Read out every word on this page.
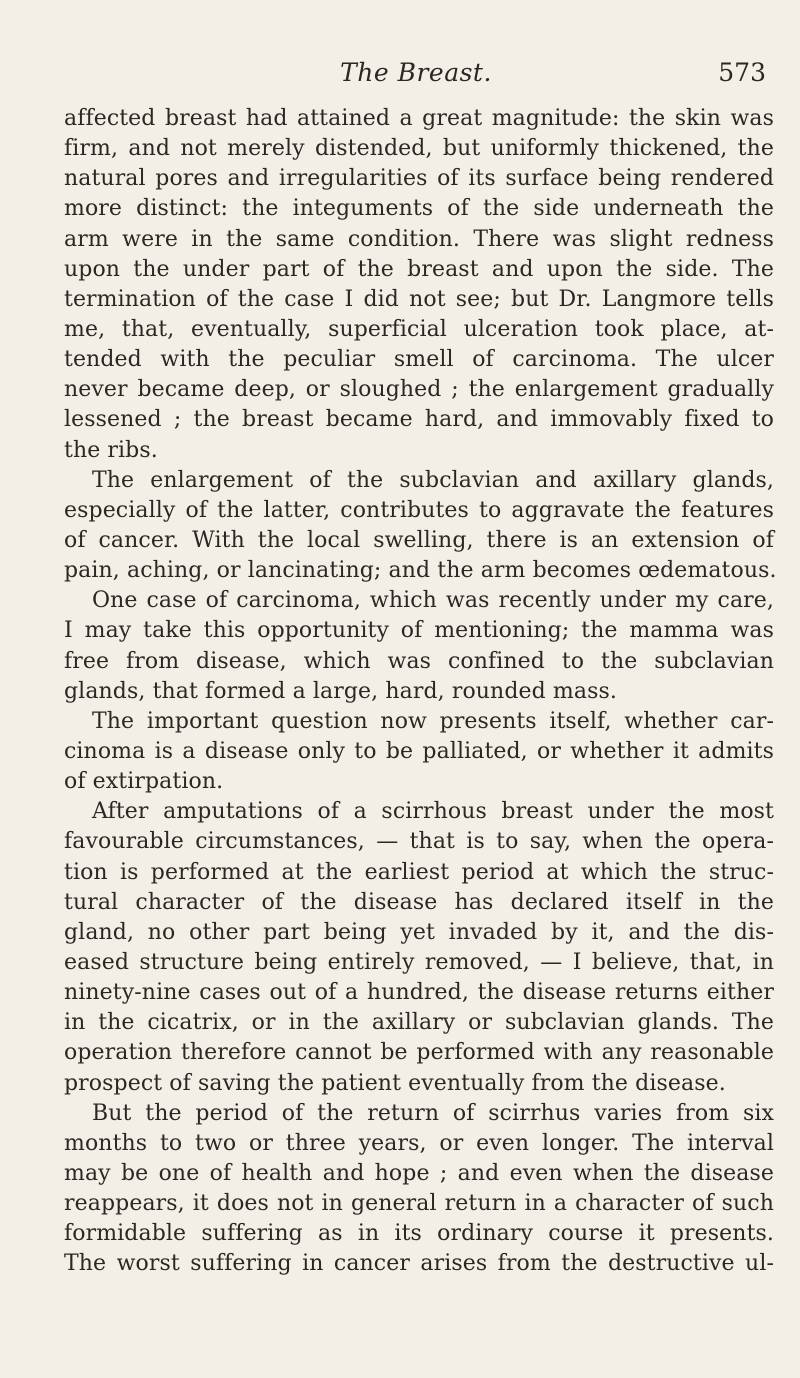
The Breast.	573
affected breast had attained a great magnitude: the skin was
firm, and not merely distended, but uniformly thickened, the
natural pores and irregularities of its surface being rendered
more distinct: the integuments of the side underneath the
arm were in the same condition. There was slight redness
upon the under part of the breast and upon the side. The
termination of the case I did not see; but Dr. Langmore tells
me, that, eventually, superficial ulceration took place, at-
tended with the peculiar smell of carcinoma. The ulcer
never became deep, or sloughed ; the enlargement gradually
lessened ; the breast became hard, and immovably fixed to
the ribs.
The enlargement of the subclavian and axillary glands,
especially of the latter, contributes to aggravate the features
of cancer. With the local swelling, there is an extension of
pain, aching, or lancinating; and the arm becomes œdematous.
One case of carcinoma, which was recently under my care,
I may take this opportunity of mentioning; the mamma was
free from disease, which was confined to the subclavian
glands, that formed a large, hard, rounded mass.
The important question now presents itself, whether car-
cinoma is a disease only to be palliated, or whether it admits
of extirpation.
After amputations of a scirrhous breast under the most
favourable circumstances, — that is to say, when the opera-
tion is performed at the earliest period at which the struc-
tural character of the disease has declared itself in the
gland, no other part being yet invaded by it, and the dis-
eased structure being entirely removed, — I believe, that, in
ninety-nine cases out of a hundred, the disease returns either
in the cicatrix, or in the axillary or subclavian glands. The
operation therefore cannot be performed with any reasonable
prospect of saving the patient eventually from the disease.
But the period of the return of scirrhus varies from six
months to two or three years, or even longer. The interval
may be one of health and hope ; and even when the disease
reappears, it does not in general return in a character of such
formidable suffering as in its ordinary course it presents.
The worst suffering in cancer arises from the destructive ul-
